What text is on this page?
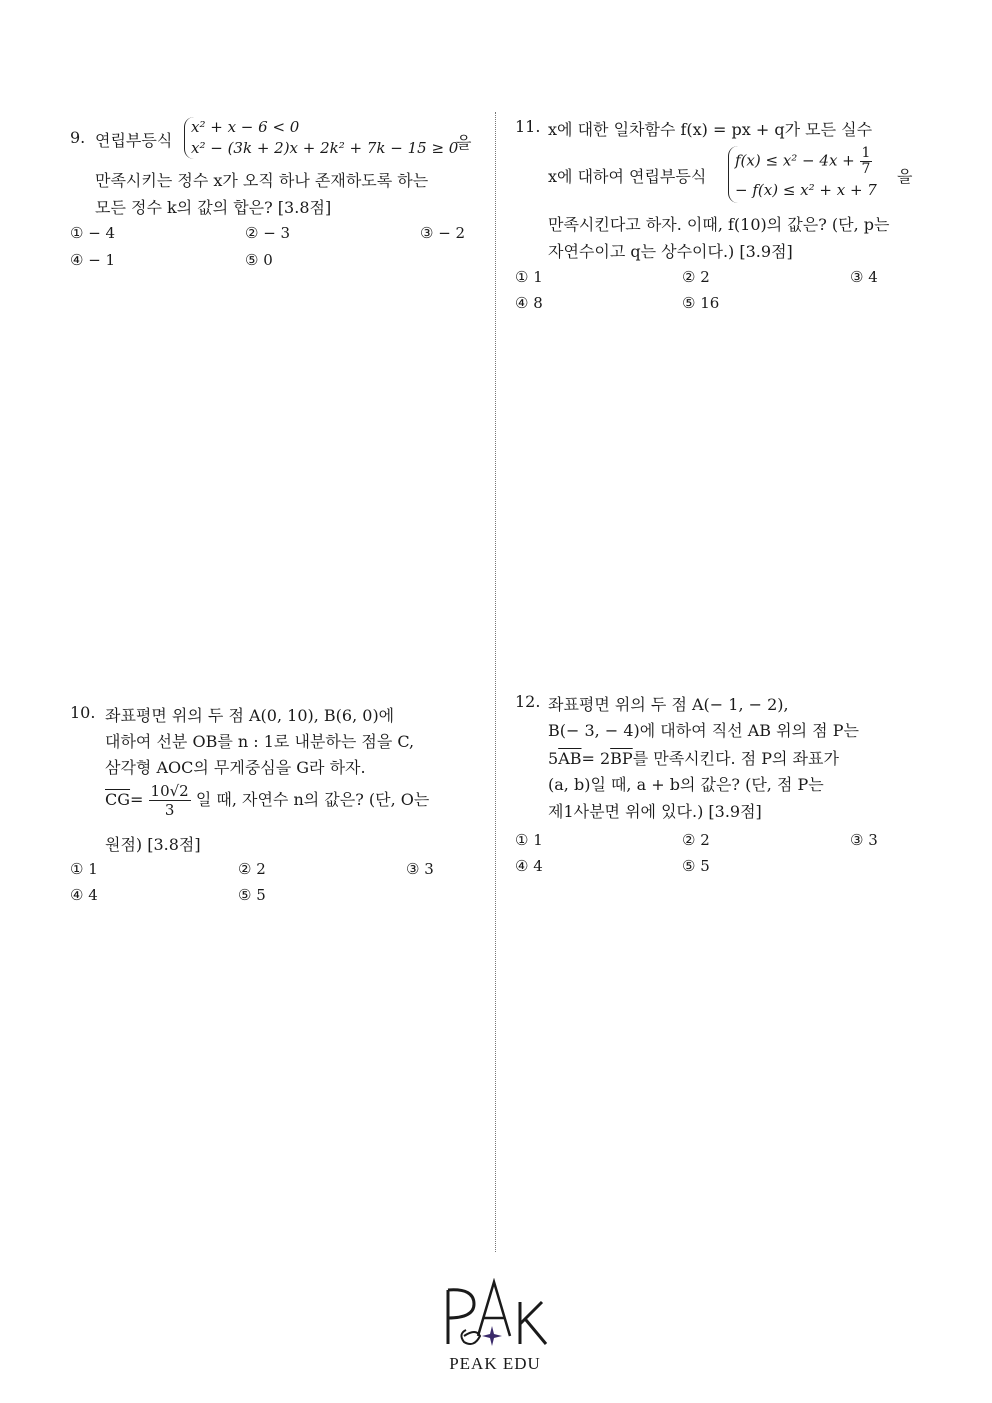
9. 연립부등식
x² + x − 6 < 0
x² − (3k + 2)x + 2k² + 7k − 15 ≥ 0
을
만족시키는 정수 x가 오직 하나 존재하도록 하는
모든 정수 k의 값의 합은? [3.8점]
① − 4	② − 3	③ − 2
④ − 1	⑤ 0
11. x에 대한 일차함수 f(x) = px + q가 모든 실수
x에 대하여 연립부등식
$f(x) \le x^2 - 4x + \frac{1}{7}$
− f(x) ≤ x² + x + 7
을
만족시킨다고 하자. 이때, f(10)의 값은? (단, p는
자연수이고 q는 상수이다.) [3.9점]
① 1	② 2	③ 4
④ 8	⑤ 16
10. 좌표평면 위의 두 점 A(0, 10), B(6, 0)에
대하여 선분 OB를 n : 1로 내분하는 점을 C,
삼각형 AOC의 무게중심을 G라 하자.
$\overline{CG}= \frac{10√2}{3}$ 일 때, 자연수 n의 값은? (단, O는
원점) [3.8점]
① 1	② 2	③ 3
④ 4	⑤ 5
12. 좌표평면 위의 두 점 A(− 1, − 2),
B(− 3, − 4)에 대하여 직선 AB 위의 점 P는
$5\overline{AB}= 2\overline{BP}$를 만족시킨다. 점 P의 좌표가
(a, b)일 때, a + b의 값은? (단, 점 P는
제1사분면 위에 있다.) [3.9점]
① 1	② 2	③ 3
④ 4	⑤ 5
PEAK EDU
